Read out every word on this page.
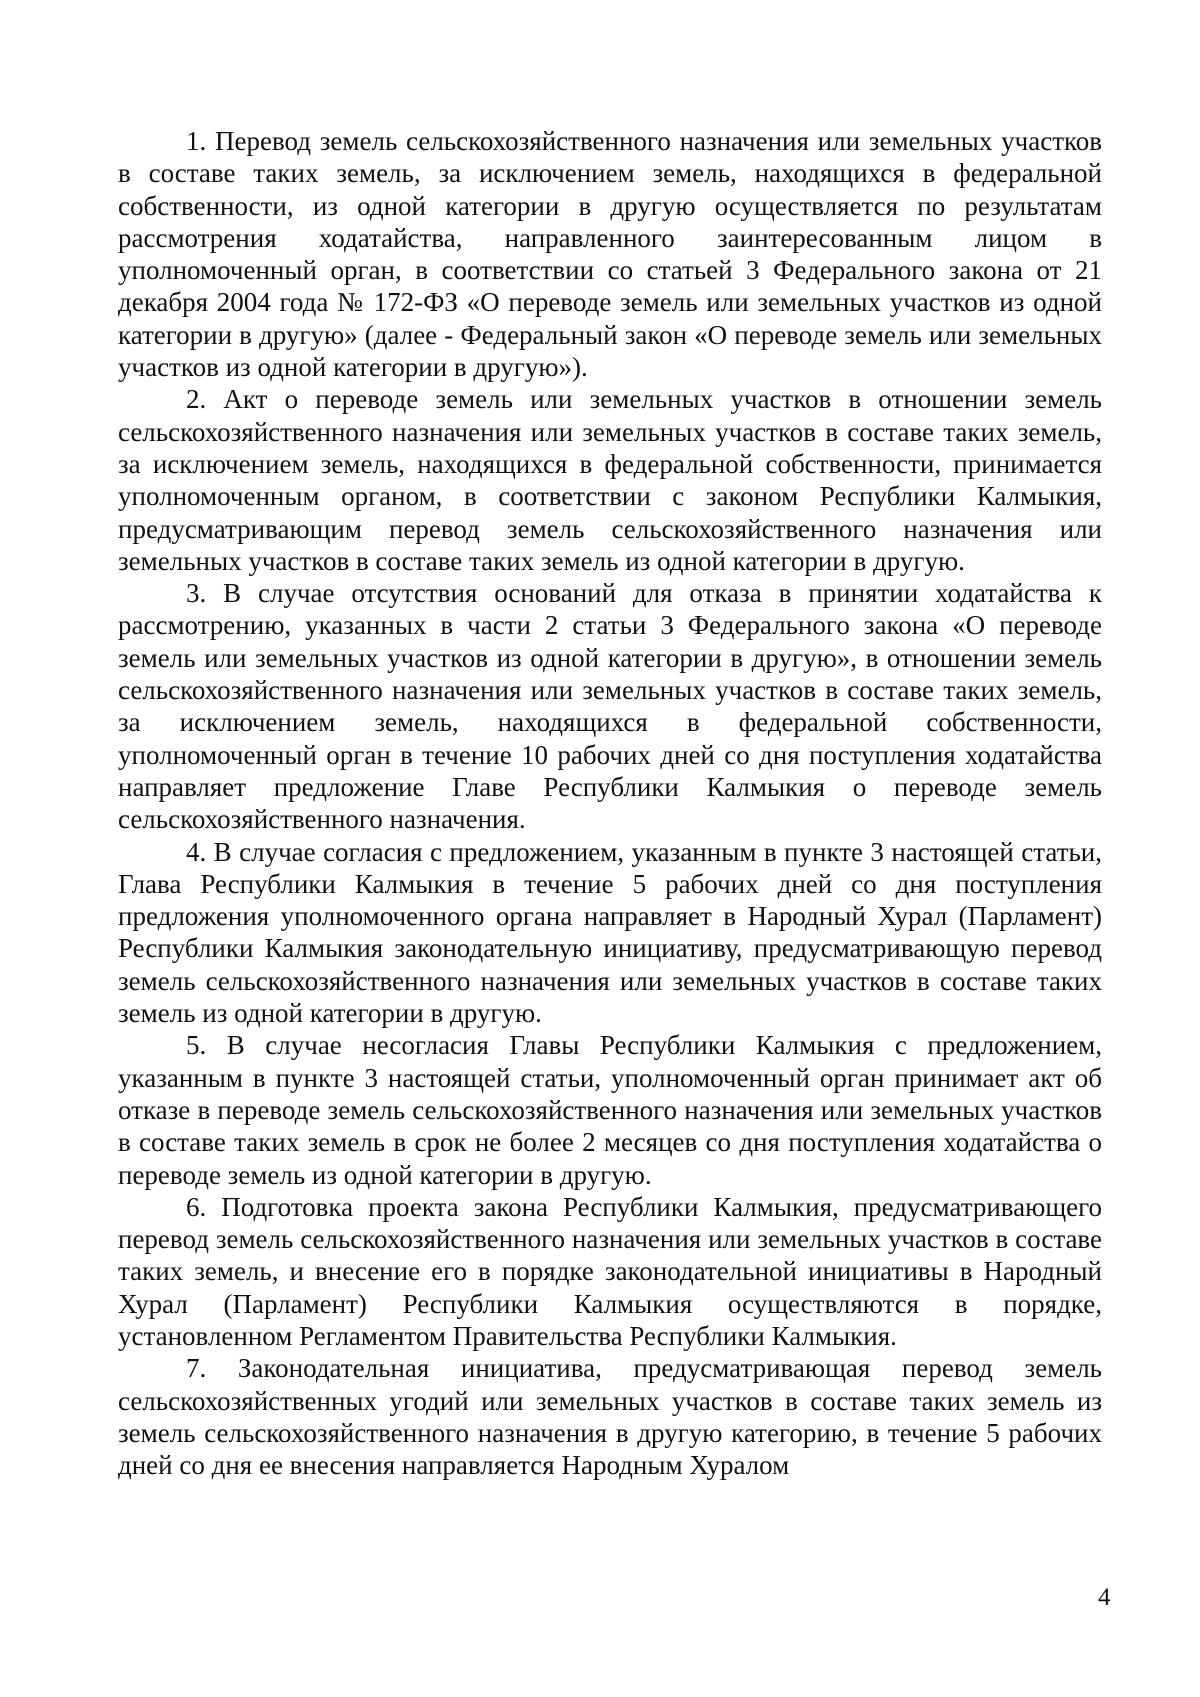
1. Перевод земель сельскохозяйственного назначения или земельных участков в составе таких земель, за исключением земель, находящихся в федеральной собственности, из одной категории в другую осуществляется по результатам рассмотрения ходатайства, направленного заинтересованным лицом в уполномоченный орган, в соответствии со статьей 3 Федерального закона от 21 декабря 2004 года № 172-ФЗ «О переводе земель или земельных участков из одной категории в другую» (далее - Федеральный закон «О переводе земель или земельных участков из одной категории в другую»).

2. Акт о переводе земель или земельных участков в отношении земель сельскохозяйственного назначения или земельных участков в составе таких земель, за исключением земель, находящихся в федеральной собственности, принимается уполномоченным органом, в соответствии с законом Республики Калмыкия, предусматривающим перевод земель сельскохозяйственного назначения или земельных участков в составе таких земель из одной категории в другую.

3. В случае отсутствия оснований для отказа в принятии ходатайства к рассмотрению, указанных в части 2 статьи 3 Федерального закона «О переводе земель или земельных участков из одной категории в другую», в отношении земель сельскохозяйственного назначения или земельных участков в составе таких земель, за исключением земель, находящихся в федеральной собственности, уполномоченный орган в течение 10 рабочих дней со дня поступления ходатайства направляет предложение Главе Республики Калмыкия о переводе земель сельскохозяйственного назначения.

4. В случае согласия с предложением, указанным в пункте 3 настоящей статьи, Глава Республики Калмыкия в течение 5 рабочих дней со дня поступления предложения уполномоченного органа направляет в Народный Хурал (Парламент) Республики Калмыкия законодательную инициативу, предусматривающую перевод земель сельскохозяйственного назначения или земельных участков в составе таких земель из одной категории в другую.

5. В случае несогласия Главы Республики Калмыкия с предложением, указанным в пункте 3 настоящей статьи, уполномоченный орган принимает акт об отказе в переводе земель сельскохозяйственного назначения или земельных участков в составе таких земель в срок не более 2 месяцев со дня поступления ходатайства о переводе земель из одной категории в другую.

6. Подготовка проекта закона Республики Калмыкия, предусматривающего перевод земель сельскохозяйственного назначения или земельных участков в составе таких земель, и внесение его в порядке законодательной инициативы в Народный Хурал (Парламент) Республики Калмыкия осуществляются в порядке, установленном Регламентом Правительства Республики Калмыкия.

7. Законодательная инициатива, предусматривающая перевод земель сельскохозяйственных угодий или земельных участков в составе таких земель из земель сельскохозяйственного назначения в другую категорию, в течение 5 рабочих дней со дня ее внесения направляется Народным Хуралом

4
